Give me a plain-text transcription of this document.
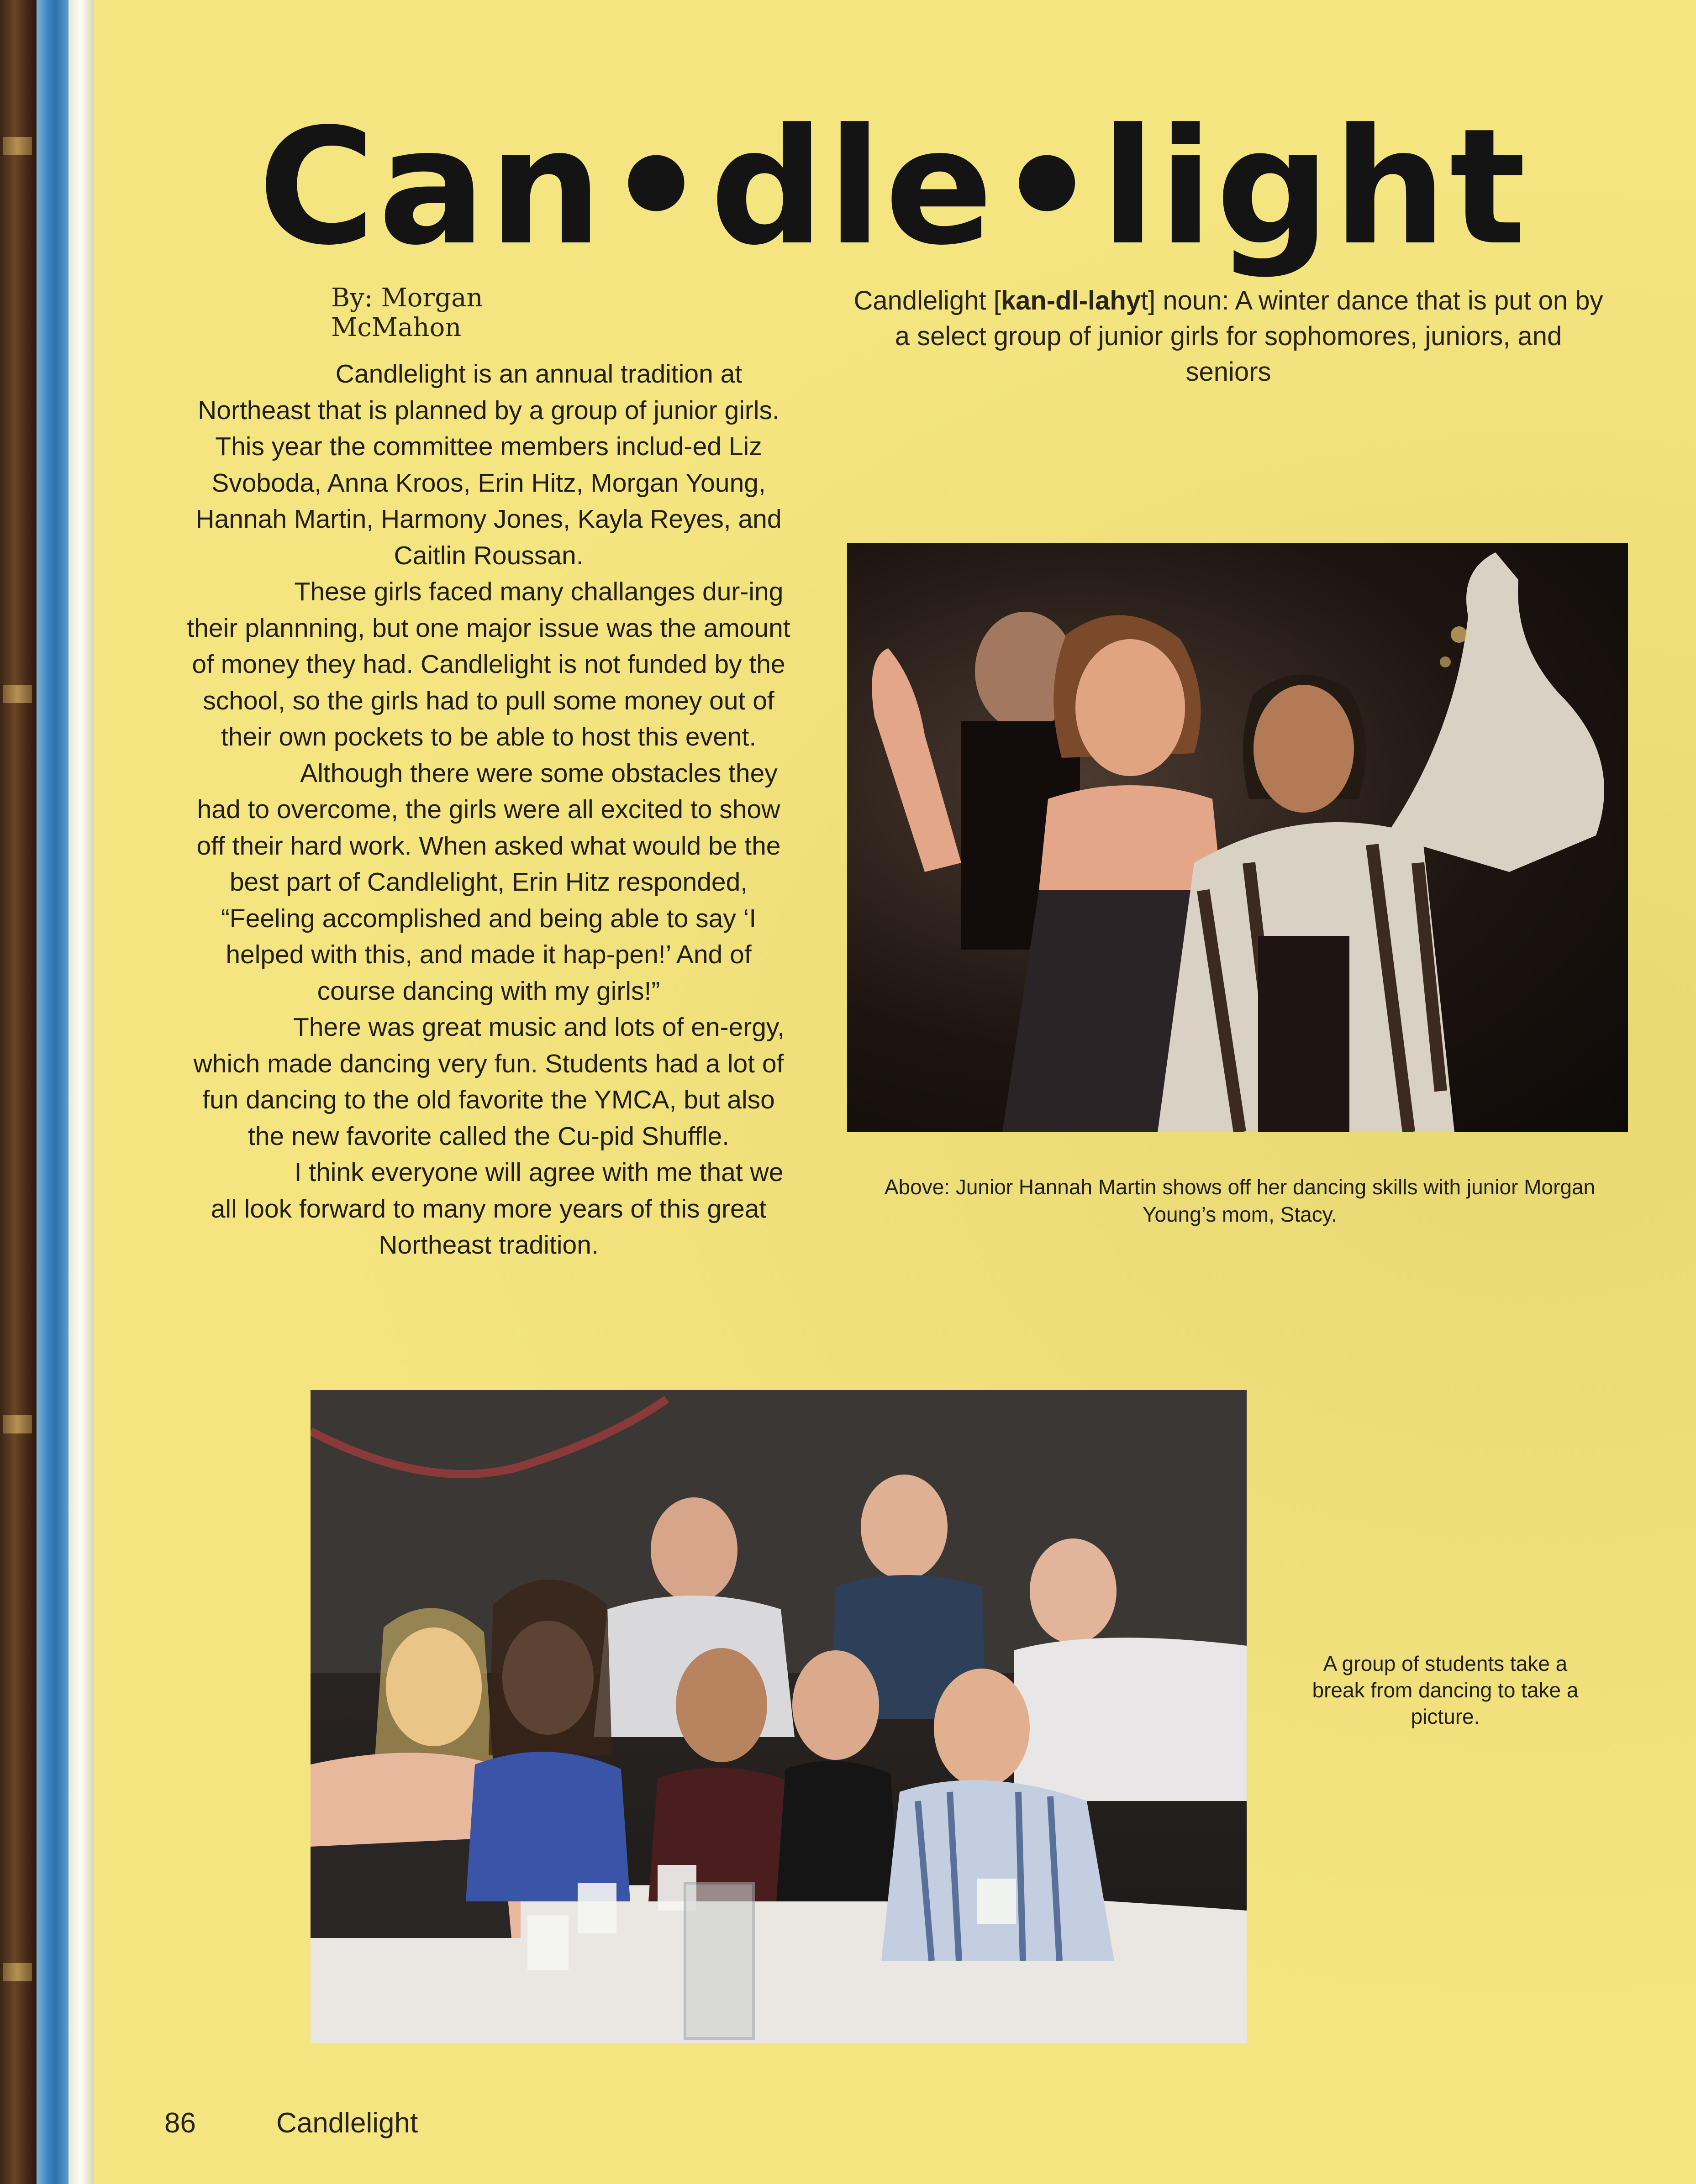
Can•dle•light
By: Morgan McMahon
Candlelight [kan-dl-lahyt] noun: A winter dance that is put on by a select group of junior girls for sophomores, juniors, and seniors

Candlelight is an annual tradition at Northeast that is planned by a group of junior girls. This year the committee members includ-ed Liz Svoboda, Anna Kroos, Erin Hitz, Morgan Young, Hannah Martin, Harmony Jones, Kayla Reyes, and Caitlin Roussan.

These girls faced many challanges dur-ing their plannning, but one major issue was the amount of money they had. Candlelight is not funded by the school, so the girls had to pull some money out of their own pockets to be able to host this event.

Although there were some obstacles they had to overcome, the girls were all excited to show off their hard work. When asked what would be the best part of Candlelight, Erin Hitz responded, “Feeling accomplished and being able to say ‘I helped with this, and made it hap-pen!’ And of course dancing with my girls!”

There was great music and lots of en-ergy, which made dancing very fun. Students had a lot of fun dancing to the old favorite the YMCA, but also the new favorite called the Cu-pid Shuffle.

I think everyone will agree with me that we all look forward to many more years of this great Northeast tradition.

Above: Junior Hannah Martin shows off her dancing skills with junior Morgan Young’s mom, Stacy.
A group of students take a break from dancing to take a picture.
86	Candlelight
